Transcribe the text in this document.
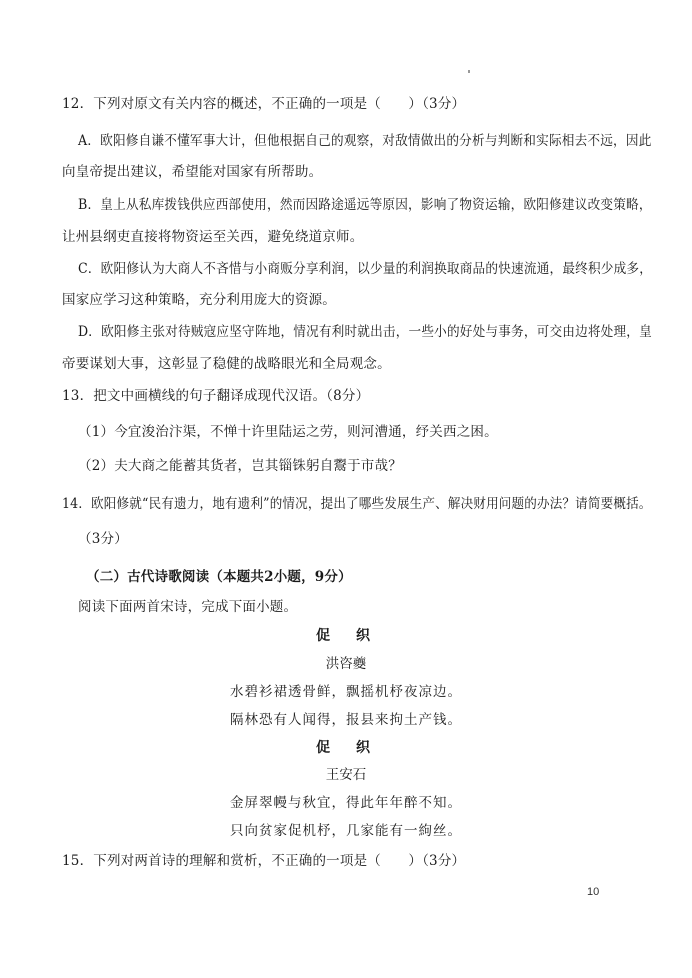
12．下列对原文有关内容的概述，不正确的一项是（　　）（3分）
A．欧阳修自谦不懂军事大计，但他根据自己的观察，对敌情做出的分析与判断和实际相去不远，因此
向皇帝提出建议，希望能对国家有所帮助。
B．皇上从私库拨钱供应西部使用，然而因路途遥远等原因，影响了物资运输，欧阳修建议改变策略，
让州县纲吏直接将物资运至关西，避免绕道京师。
C．欧阳修认为大商人不吝惜与小商贩分享利润，以少量的利润换取商品的快速流通，最终积少成多，
国家应学习这种策略，充分利用庞大的资源。
D．欧阳修主张对待贼寇应坚守阵地，情况有利时就出击，一些小的好处与事务，可交由边将处理，皇
帝要谋划大事，这彰显了稳健的战略眼光和全局观念。
13．把文中画横线的句子翻译成现代汉语。（8分）
（1）今宜浚治汴渠，不惮十许里陆运之劳，则河漕通，纾关西之困。
（2）夫大商之能蓄其货者，岂其锱铢躬自鬻于市哉？
14．欧阳修就“民有遗力，地有遗利”的情况，提出了哪些发展生产、解决财用问题的办法？请简要概括。
（3分）
（二）古代诗歌阅读（本题共2小题，9分）
阅读下面两首宋诗，完成下面小题。
促　织
洪咨夔
水碧衫裙透骨鲜，飘摇机杼夜凉边。
隔林恐有人闻得，报县来拘土产钱。
促　织
王安石
金屏翠幔与秋宜，得此年年醉不知。
只向贫家促机杼，几家能有一絇丝。
15．下列对两首诗的理解和赏析，不正确的一项是（　　）（3分）
10
